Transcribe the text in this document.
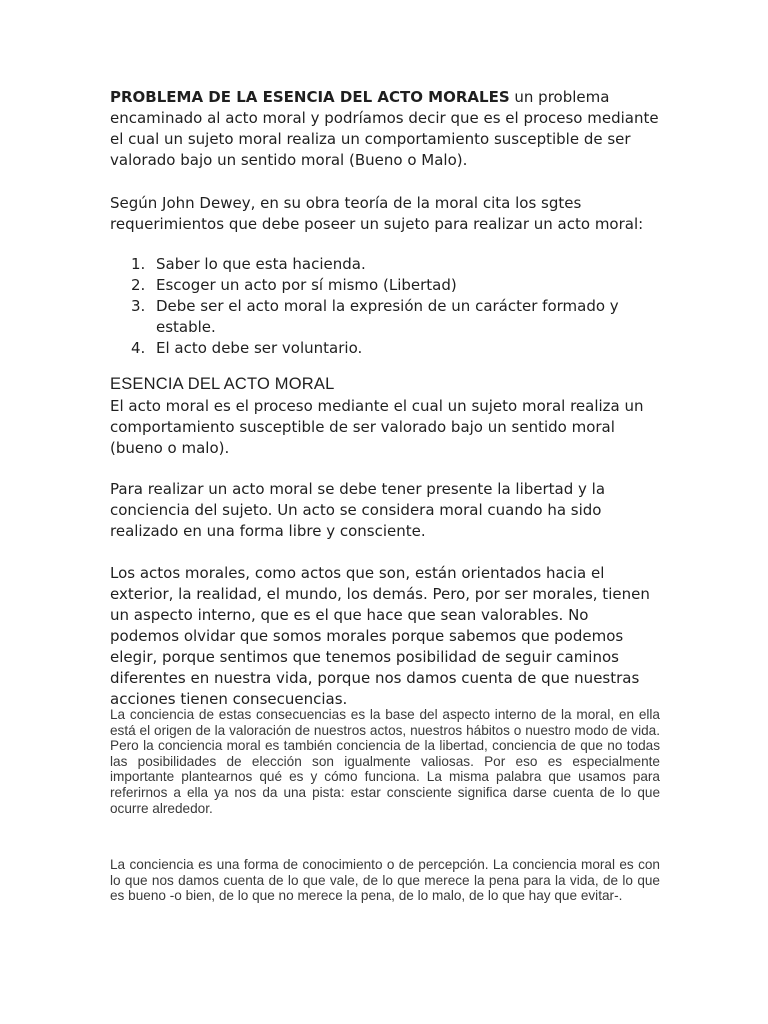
PROBLEMA DE LA ESENCIA DEL ACTO MORALES un problema encaminado al acto moral y podríamos decir que es el proceso mediante el cual un sujeto moral realiza un comportamiento susceptible de ser valorado bajo un sentido moral (Bueno o Malo).

Según John Dewey, en su obra teoría de la moral cita los sgtes requerimientos que debe poseer un sujeto para realizar un acto moral:

1. Saber lo que esta hacienda.
2. Escoger un acto por sí mismo (Libertad)
3. Debe ser el acto moral la expresión de un carácter formado y estable.
4. El acto debe ser voluntario.
ESENCIA DEL ACTO MORAL

El acto moral es el proceso mediante el cual un sujeto moral realiza un comportamiento susceptible de ser valorado bajo un sentido moral (bueno o malo).

Para realizar un acto moral se debe tener presente la libertad y la conciencia del sujeto. Un acto se considera moral cuando ha sido realizado en una forma libre y consciente.

Los actos morales, como actos que son, están orientados hacia el exterior, la realidad, el mundo, los demás. Pero, por ser morales, tienen un aspecto interno, que es el que hace que sean valorables. No podemos olvidar que somos morales porque sabemos que podemos elegir, porque sentimos que tenemos posibilidad de seguir caminos diferentes en nuestra vida, porque nos damos cuenta de que nuestras acciones tienen consecuencias.

La conciencia de estas consecuencias es la base del aspecto interno de la moral, en ella está el origen de la valoración de nuestros actos, nuestros hábitos o nuestro modo de vida. Pero la conciencia moral es también conciencia de la libertad, conciencia de que no todas las posibilidades de elección son igualmente valiosas. Por eso es especialmente importante plantearnos qué es y cómo funciona. La misma palabra que usamos para referirnos a ella ya nos da una pista: estar consciente significa darse cuenta de lo que ocurre alrededor.

La conciencia es una forma de conocimiento o de percepción. La conciencia moral es con lo que nos damos cuenta de lo que vale, de lo que merece la pena para la vida, de lo que es bueno -o bien, de lo que no merece la pena, de lo malo, de lo que hay que evitar-.
